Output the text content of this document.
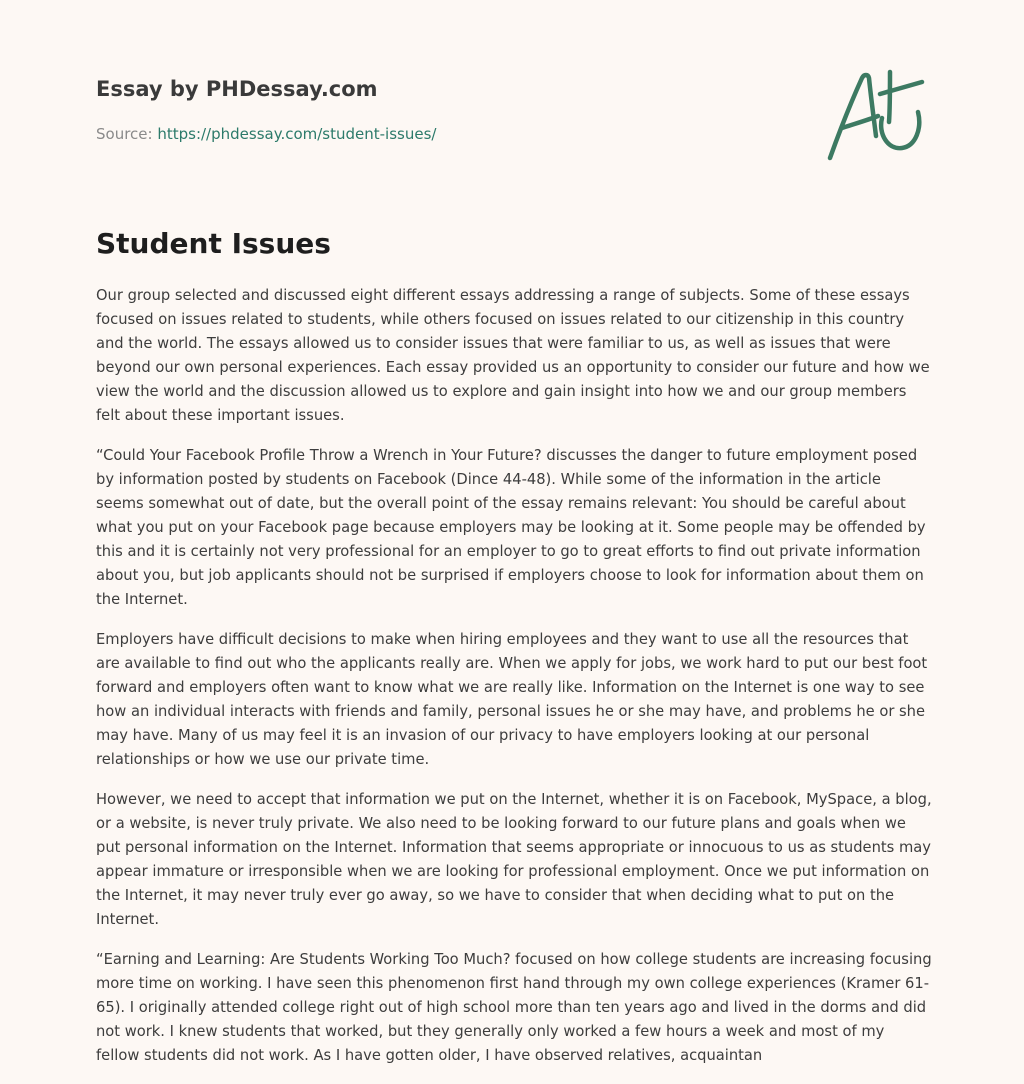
Essay by PHDessay.com
Source: https://phdessay.com/student-issues/
Student Issues

Our group selected and discussed eight different essays addressing a range of subjects. Some of these essays focused on issues related to students, while others focused on issues related to our citizenship in this country and the world. The essays allowed us to consider issues that were familiar to us, as well as issues that were beyond our own personal experiences. Each essay provided us an opportunity to consider our future and how we view the world and the discussion allowed us to explore and gain insight into how we and our group members felt about these important issues.

“Could Your Facebook Profile Throw a Wrench in Your Future? discusses the danger to future employment posed by information posted by students on Facebook (Dince 44-48). While some of the information in the article seems somewhat out of date, but the overall point of the essay remains relevant: You should be careful about what you put on your Facebook page because employers may be looking at it. Some people may be offended by this and it is certainly not very professional for an employer to go to great efforts to find out private information about you, but job applicants should not be surprised if employers choose to look for information about them on the Internet.

Employers have difficult decisions to make when hiring employees and they want to use all the resources that are available to find out who the applicants really are. When we apply for jobs, we work hard to put our best foot forward and employers often want to know what we are really like. Information on the Internet is one way to see how an individual interacts with friends and family, personal issues he or she may have, and problems he or she may have. Many of us may feel it is an invasion of our privacy to have employers looking at our personal relationships or how we use our private time.

However, we need to accept that information we put on the Internet, whether it is on Facebook, MySpace, a blog, or a website, is never truly private. We also need to be looking forward to our future plans and goals when we put personal information on the Internet. Information that seems appropriate or innocuous to us as students may appear immature or irresponsible when we are looking for professional employment. Once we put information on the Internet, it may never truly ever go away, so we have to consider that when deciding what to put on the Internet.

“Earning and Learning: Are Students Working Too Much? focused on how college students are increasing focusing more time on working. I have seen this phenomenon first hand through my own college experiences (Kramer 61-65). I originally attended college right out of high school more than ten years ago and lived in the dorms and did not work. I knew students that worked, but they generally only worked a few hours a week and most of my fellow students did not work. As I have gotten older, I have observed relatives, acquaintan
